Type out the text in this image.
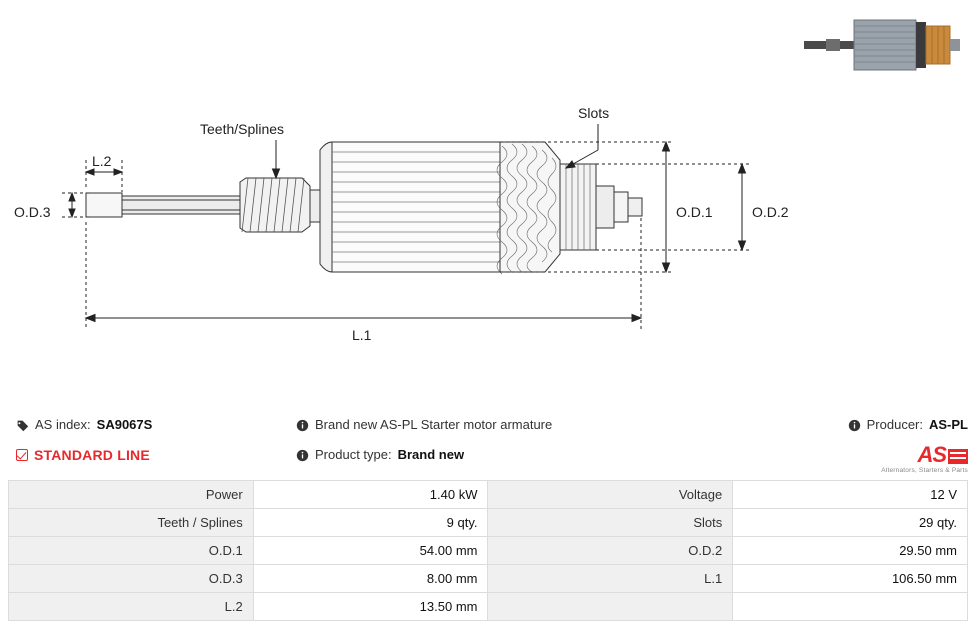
Teeth/Splines
Slots
O.D.1	O.D.2
O.D.3
L.1
L.2
AS index: SA9067S
STANDARD LINE
Brand new AS-PL Starter motor armature
Product type: Brand new
Producer: AS-PL
AS
Alternators, Starters & Parts
Power	1.40 kW	Voltage	12 V
Teeth / Splines	9 qty.	Slots	29 qty.
O.D.1	54.00 mm	O.D.2	29.50 mm
O.D.3	8.00 mm	L.1	106.50 mm
L.2	13.50 mm		
